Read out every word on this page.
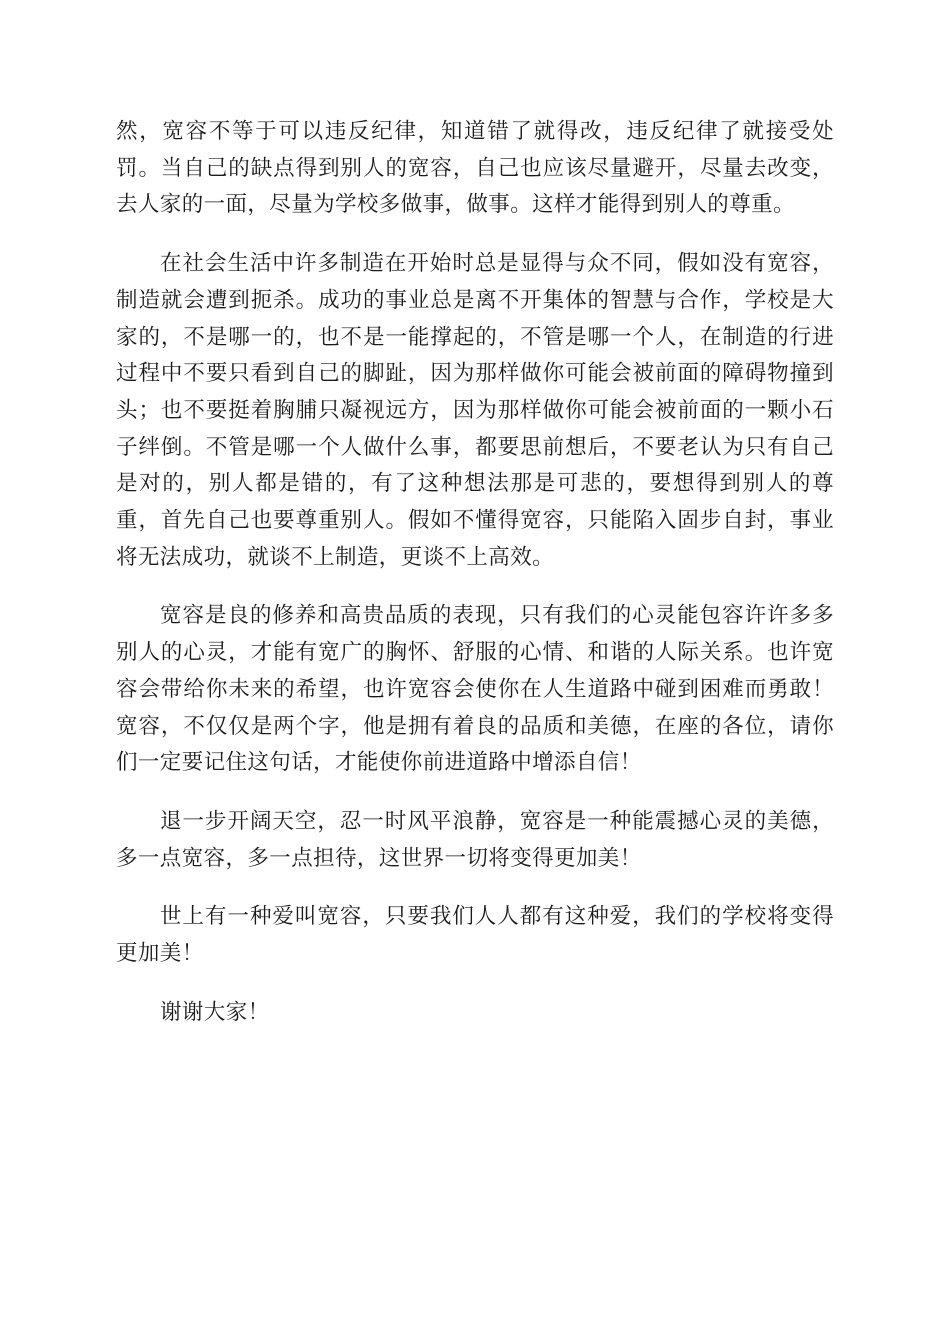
然，宽容不等于可以违反纪律，知道错了就得改，违反纪律了就接受处罚。当自己的缺点得到别人的宽容，自己也应该尽量避开，尽量去改变，去人家的一面，尽量为学校多做事，做事。这样才能得到别人的尊重。

在社会生活中许多制造在开始时总是显得与众不同，假如没有宽容，制造就会遭到扼杀。成功的事业总是离不开集体的智慧与合作，学校是大家的，不是哪一的，也不是一能撑起的，不管是哪一个人，在制造的行进过程中不要只看到自己的脚趾，因为那样做你可能会被前面的障碍物撞到头；也不要挺着胸脯只凝视远方，因为那样做你可能会被前面的一颗小石子绊倒。不管是哪一个人做什么事，都要思前想后，不要老认为只有自己是对的，别人都是错的，有了这种想法那是可悲的，要想得到别人的尊重，首先自己也要尊重别人。假如不懂得宽容，只能陷入固步自封，事业将无法成功，就谈不上制造，更谈不上高效。

宽容是良的修养和高贵品质的表现，只有我们的心灵能包容许许多多别人的心灵，才能有宽广的胸怀、舒服的心情、和谐的人际关系。也许宽容会带给你未来的希望，也许宽容会使你在人生道路中碰到困难而勇敢！宽容，不仅仅是两个字，他是拥有着良的品质和美德，在座的各位，请你们一定要记住这句话，才能使你前进道路中增添自信！

退一步开阔天空，忍一时风平浪静，宽容是一种能震撼心灵的美德，多一点宽容，多一点担待，这世界一切将变得更加美！

世上有一种爱叫宽容，只要我们人人都有这种爱，我们的学校将变得更加美！

谢谢大家！
